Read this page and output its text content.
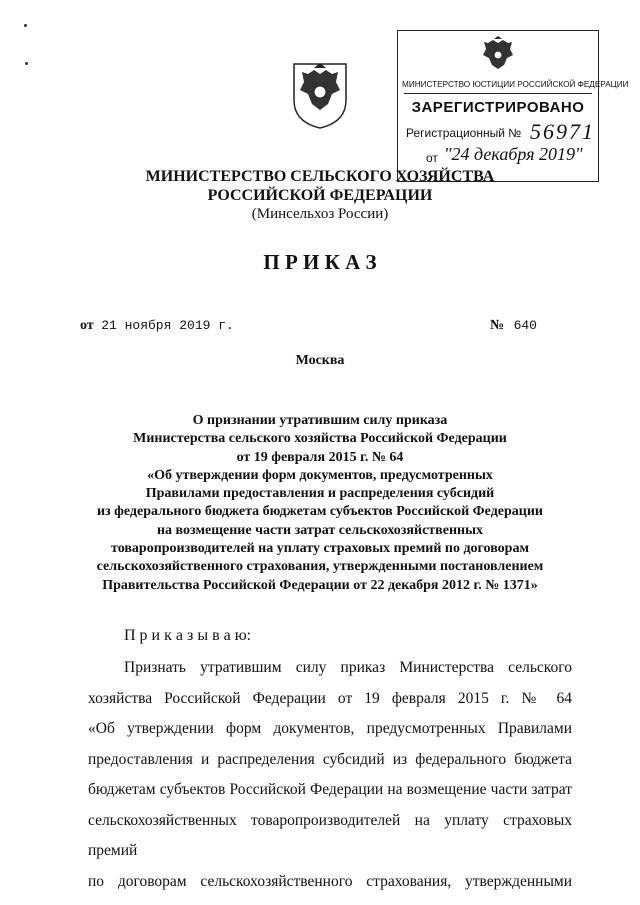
МИНИСТЕРСТВО ЮСТИЦИИ РОССИЙСКОЙ ФЕДЕРАЦИИ
ЗАРЕГИСТРИРОВАНО
Регистрационный № 56971
от "24 декабря 2019"
МИНИСТЕРСТВО СЕЛЬСКОГО ХОЗЯЙСТВА
РОССИЙСКОЙ ФЕДЕРАЦИИ
(Минсельхоз России)
П Р И К А З
от 21 ноября 2019 г.	№ 640
Москва
О признании утратившим силу приказа
Министерства сельского хозяйства Российской Федерации
от 19 февраля 2015 г. № 64
«Об утверждении форм документов, предусмотренных
Правилами предоставления и распределения субсидий
из федерального бюджета бюджетам субъектов Российской Федерации
на возмещение части затрат сельскохозяйственных
товаропроизводителей на уплату страховых премий по договорам
сельскохозяйственного страхования, утвержденными постановлением
Правительства Российской Федерации от 22 декабря 2012 г. № 1371»
П р и к а з ы в а ю:
Признать утратившим силу приказ Министерства сельского
хозяйства Российской Федерации от 19 февраля 2015 г. № 64
«Об утверждении форм документов, предусмотренных Правилами
предоставления и распределения субсидий из федерального бюджета
бюджетам субъектов Российской Федерации на возмещение части затрат
сельскохозяйственных товаропроизводителей на уплату страховых премий
по договорам сельскохозяйственного страхования, утвержденными
